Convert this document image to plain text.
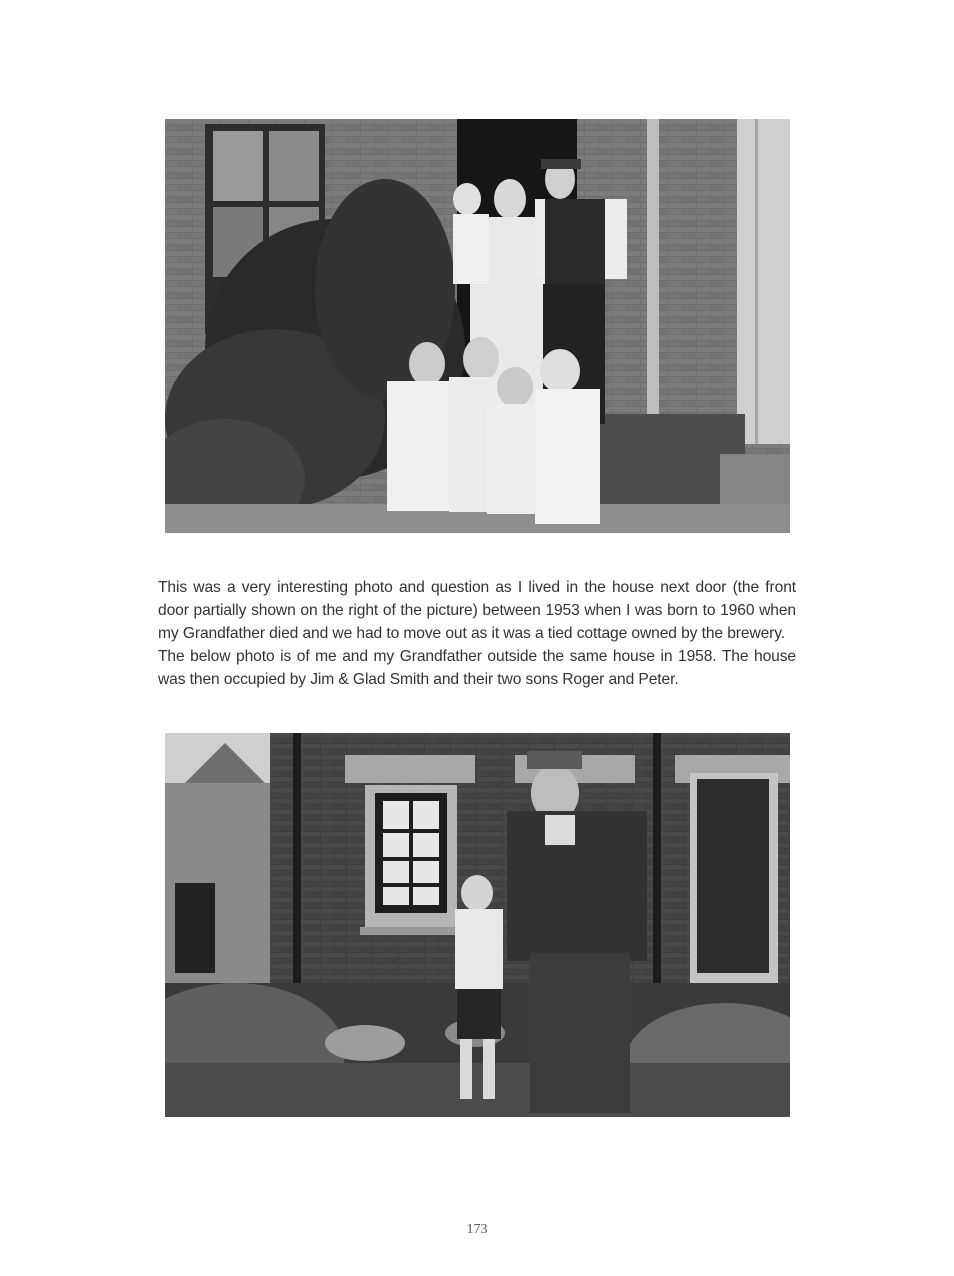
This was a very interesting photo and question as I lived in the house next door (the front door partially shown on the right of the picture) between 1953 when I was born to 1960 when my Grandfather died and we had to move out as it was a tied cottage owned by the brewery.

The below photo is of me and my Grandfather outside the same house in 1958. The house was then occupied by Jim & Glad Smith and their two sons Roger and Peter.

173
